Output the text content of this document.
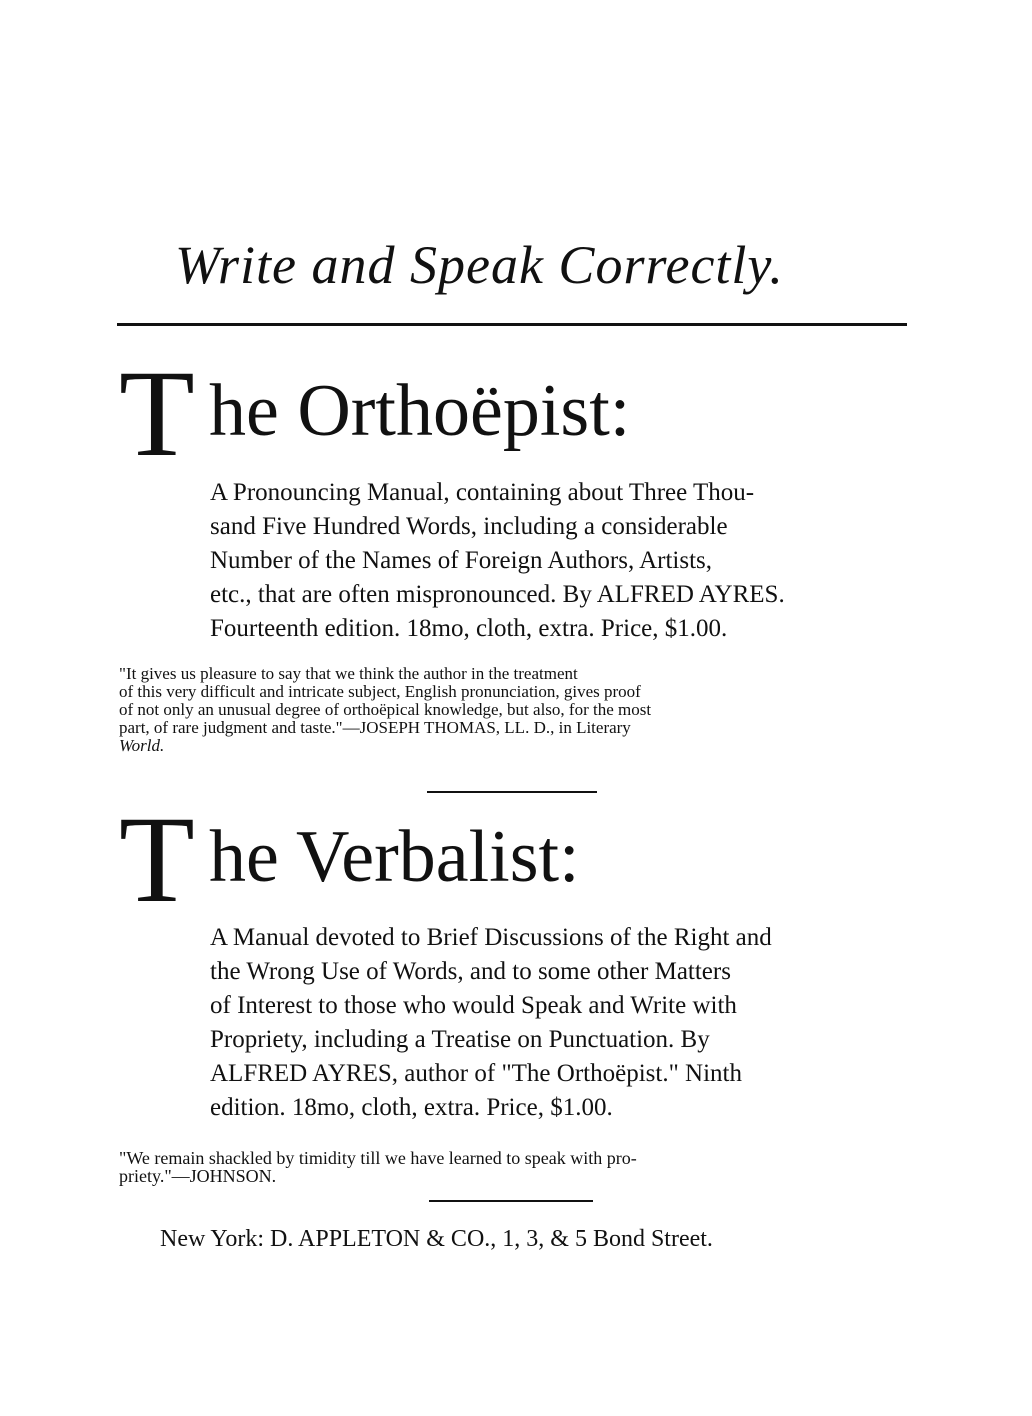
Write and Speak Correctly.
T he Orthoëpist:
A Pronouncing Manual, containing about Three Thou-
sand Five Hundred Words, including a considerable
Number of the Names of Foreign Authors, Artists,
etc., that are often mispronounced. By ALFRED AYRES.
Fourteenth edition. 18mo, cloth, extra. Price, $1.00.
"It gives us pleasure to say that we think the author in the treatment
of this very difficult and intricate subject, English pronunciation, gives proof
of not only an unusual degree of orthoëpical knowledge, but also, for the most
part, of rare judgment and taste."—JOSEPH THOMAS, LL. D., in Literary
World.
T he Verbalist:
A Manual devoted to Brief Discussions of the Right and
the Wrong Use of Words, and to some other Matters
of Interest to those who would Speak and Write with
Propriety, including a Treatise on Punctuation. By
ALFRED AYRES, author of "The Orthoëpist." Ninth
edition. 18mo, cloth, extra. Price, $1.00.
"We remain shackled by timidity till we have learned to speak with pro-
priety."—JOHNSON.
New York: D. APPLETON & CO., 1, 3, & 5 Bond Street.
